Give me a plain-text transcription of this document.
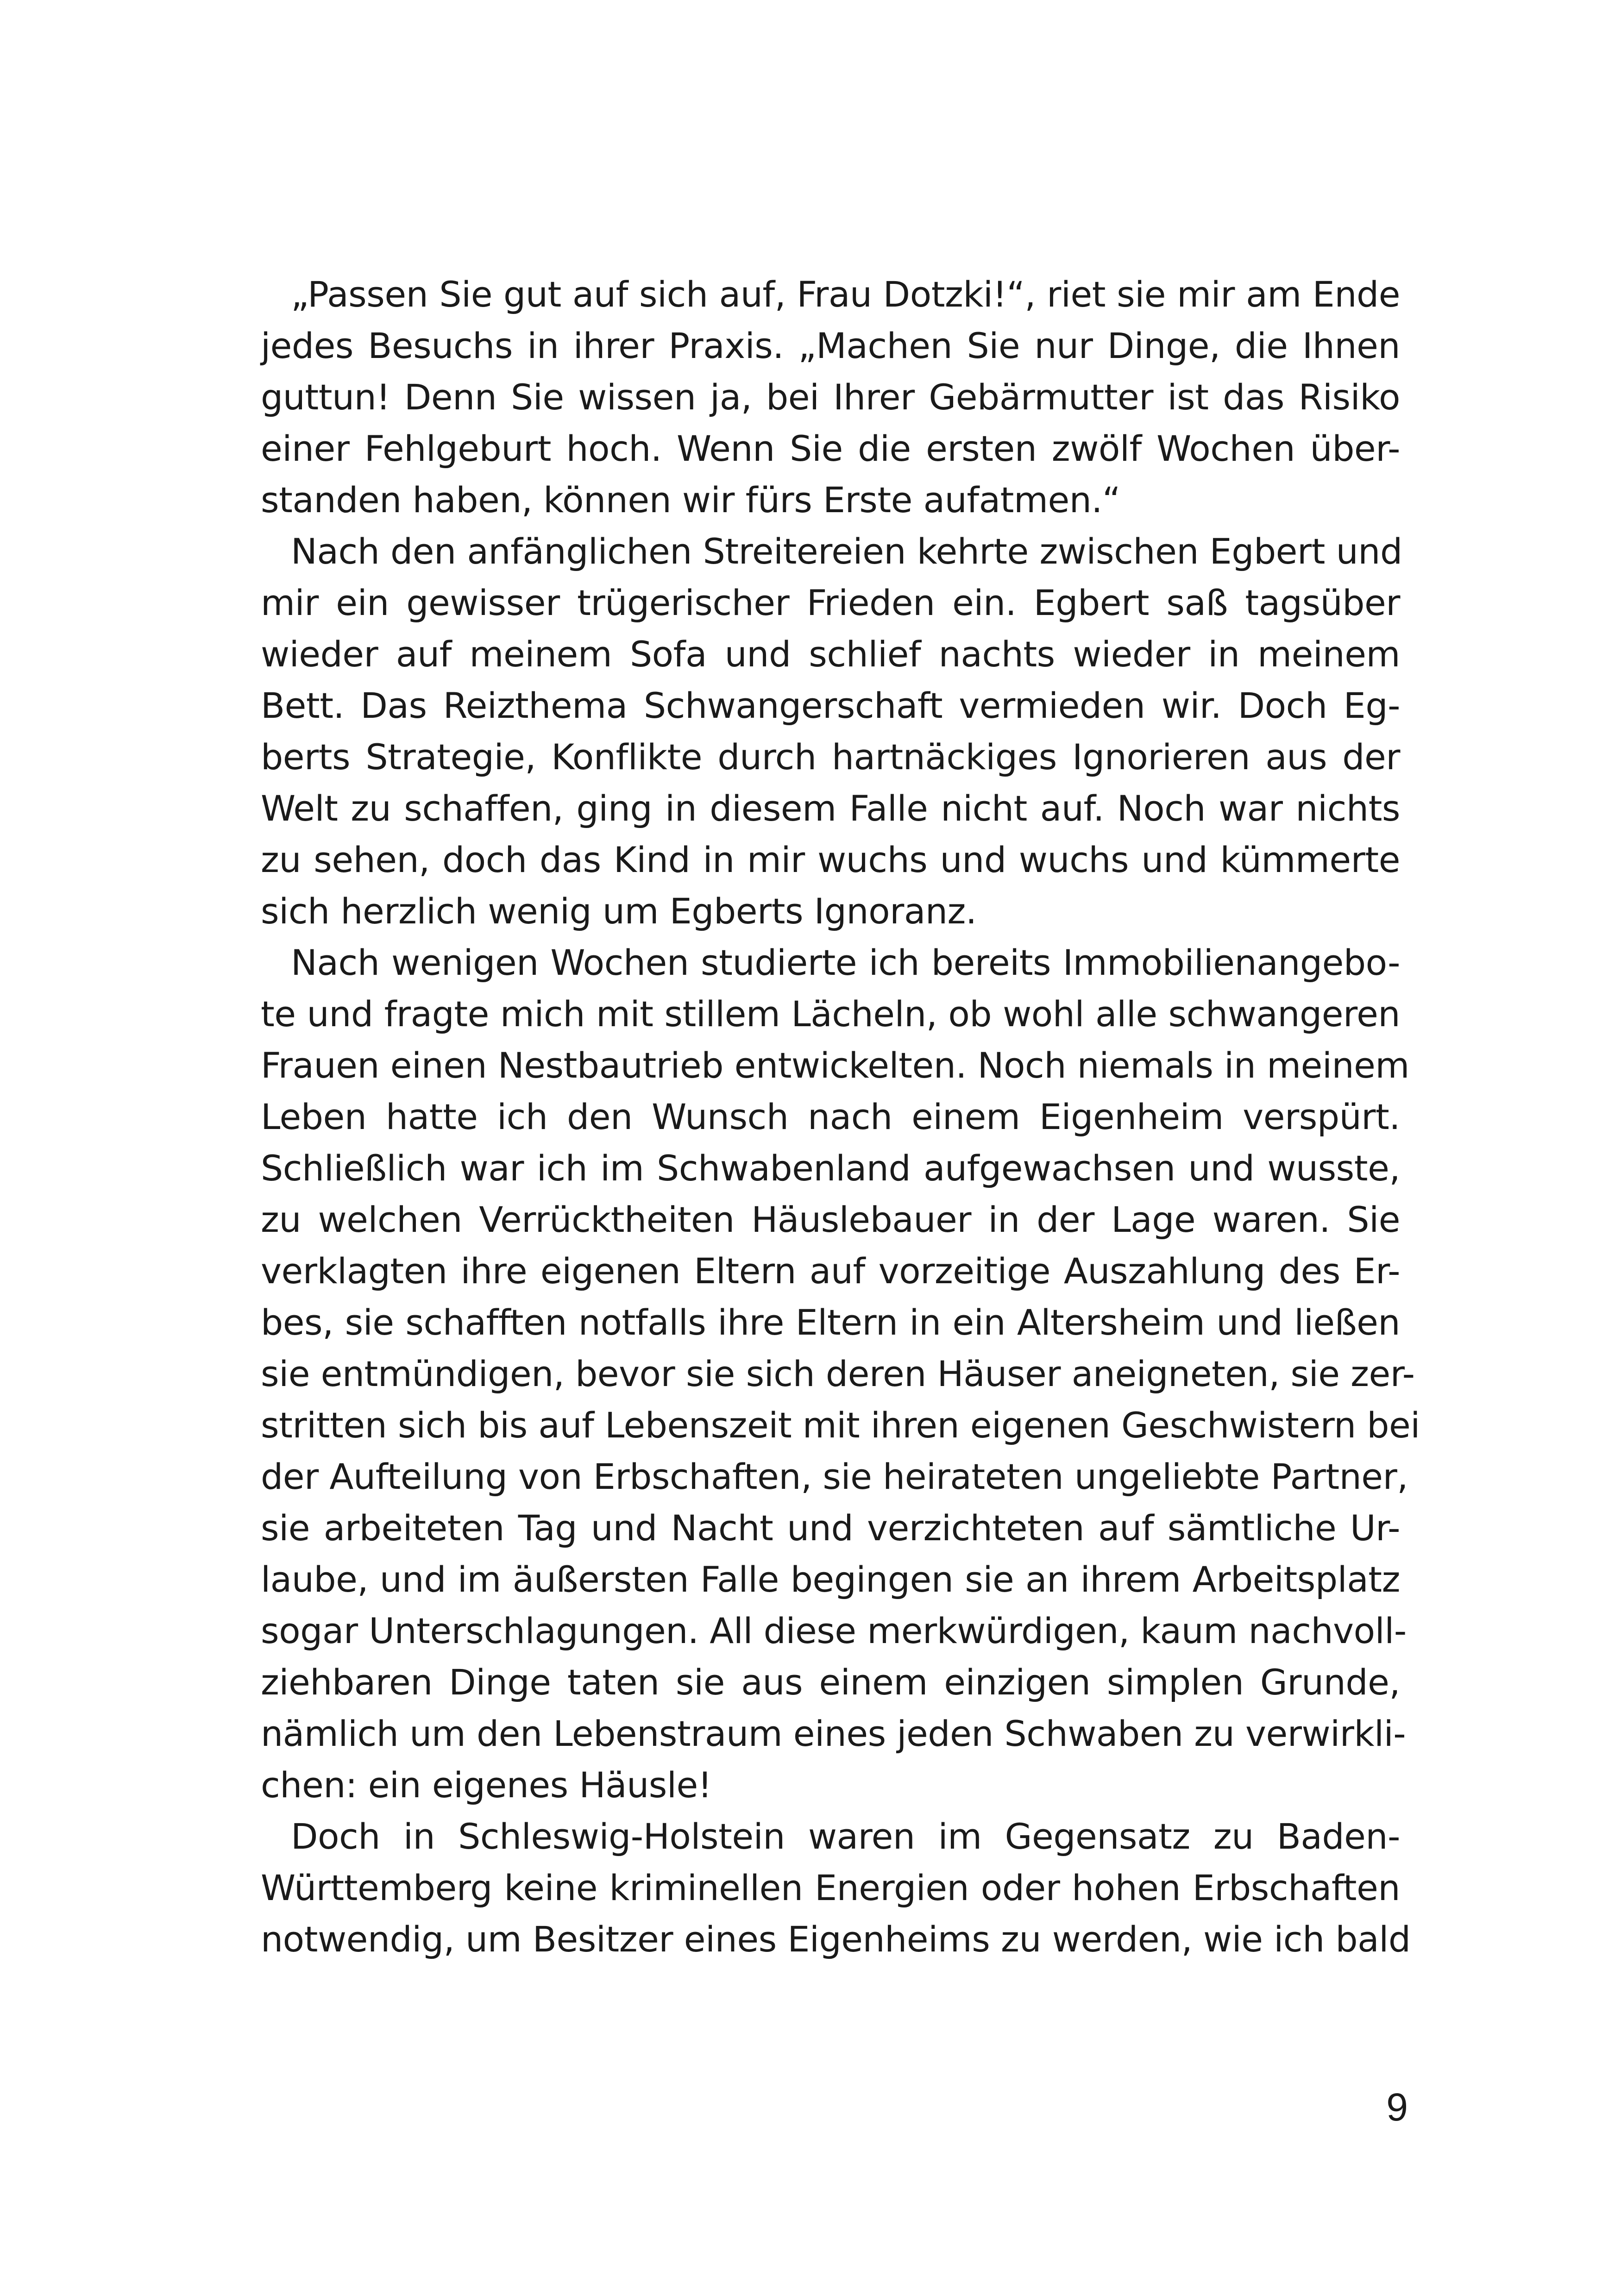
„Passen Sie gut auf sich auf, Frau Dotzki!“, riet sie mir am Ende
jedes Besuchs in ihrer Praxis. „Machen Sie nur Dinge, die Ihnen
guttun! Denn Sie wissen ja, bei Ihrer Gebärmutter ist das Risiko
einer Fehlgeburt hoch. Wenn Sie die ersten zwölf Wochen über-
standen haben, können wir fürs Erste aufatmen.“
Nach den anfänglichen Streitereien kehrte zwischen Egbert und
mir ein gewisser trügerischer Frieden ein. Egbert saß tagsüber
wieder auf meinem Sofa und schlief nachts wieder in meinem
Bett. Das Reizthema Schwangerschaft vermieden wir. Doch Eg-
berts Strategie, Konflikte durch hartnäckiges Ignorieren aus der
Welt zu schaffen, ging in diesem Falle nicht auf. Noch war nichts
zu sehen, doch das Kind in mir wuchs und wuchs und kümmerte
sich herzlich wenig um Egberts Ignoranz.
Nach wenigen Wochen studierte ich bereits Immobilienangebo-
te und fragte mich mit stillem Lächeln, ob wohl alle schwangeren
Frauen einen Nestbautrieb entwickelten. Noch niemals in meinem
Leben hatte ich den Wunsch nach einem Eigenheim verspürt.
Schließlich war ich im Schwabenland aufgewachsen und wusste,
zu welchen Verrücktheiten Häuslebauer in der Lage waren. Sie
verklagten ihre eigenen Eltern auf vorzeitige Auszahlung des Er-
bes, sie schafften notfalls ihre Eltern in ein Altersheim und ließen
sie entmündigen, bevor sie sich deren Häuser aneigneten, sie zer-
stritten sich bis auf Lebenszeit mit ihren eigenen Geschwistern bei
der Aufteilung von Erbschaften, sie heirateten ungeliebte Partner,
sie arbeiteten Tag und Nacht und verzichteten auf sämtliche Ur-
laube, und im äußersten Falle begingen sie an ihrem Arbeitsplatz
sogar Unterschlagungen. All diese merkwürdigen, kaum nachvoll-
ziehbaren Dinge taten sie aus einem einzigen simplen Grunde,
nämlich um den Lebenstraum eines jeden Schwaben zu verwirkli-
chen: ein eigenes Häusle!
Doch in Schleswig-Holstein waren im Gegensatz zu Baden-
Württemberg keine kriminellen Energien oder hohen Erbschaften
notwendig, um Besitzer eines Eigenheims zu werden, wie ich bald
9
